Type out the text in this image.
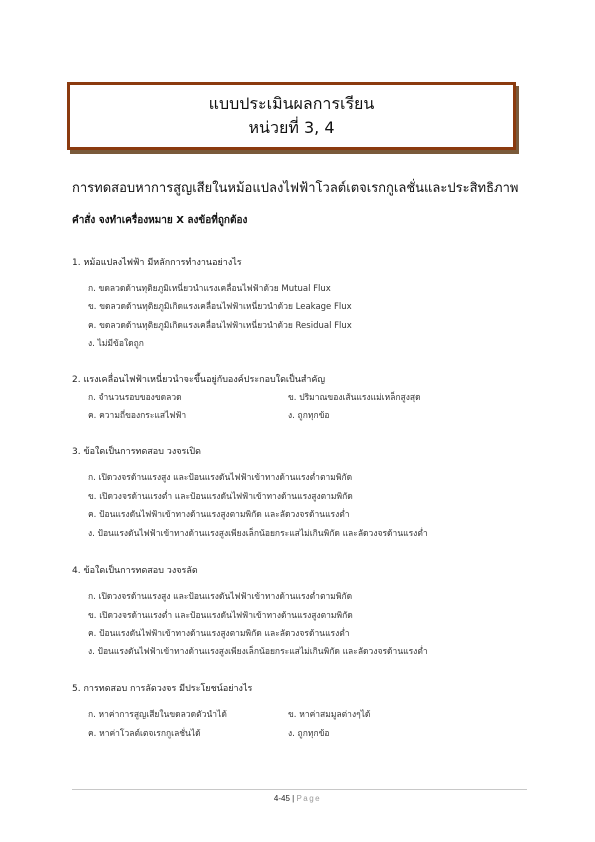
แบบประเมินผลการเรียน
หน่วยที่ 3, 4
การทดสอบหาการสูญเสียในหม้อแปลงไฟฟ้าโวลต์เตจเรกกูเลชั่นและประสิทธิภาพ
คำสั่ง จงทำเครื่องหมาย X ลงข้อที่ถูกต้อง
1. หม้อแปลงไฟฟ้า มีหลักการทำงานอย่างไร
ก. ขดลวดด้านทุติยภูมิเหนี่ยวนำแรงเคลื่อนไฟฟ้าด้วย Mutual Flux
ข. ขดลวดด้านทุติยภูมิเกิดแรงเคลื่อนไฟฟ้าเหนี่ยวนำด้วย Leakage Flux
ค. ขดลวดด้านทุติยภูมิเกิดแรงเคลื่อนไฟฟ้าเหนี่ยวนำด้วย Residual Flux
ง. ไม่มีข้อใดถูก
2. แรงเคลื่อนไฟฟ้าเหนี่ยวนำจะขึ้นอยู่กับองค์ประกอบใดเป็นสำคัญ
ก. จำนวนรอบของขดลวด	ข. ปริมาณของเส้นแรงแม่เหล็กสูงสุด
ค. ความถี่ของกระแสไฟฟ้า	ง. ถูกทุกข้อ
3. ข้อใดเป็นการทดสอบ วงจรเปิด
ก. เปิดวงจรด้านแรงสูง และป้อนแรงดันไฟฟ้าเข้าทางด้านแรงต่ำตามพิกัด
ข. เปิดวงจรด้านแรงต่ำ และป้อนแรงดันไฟฟ้าเข้าทางด้านแรงสูงตามพิกัด
ค. ป้อนแรงดันไฟฟ้าเข้าทางด้านแรงสูงตามพิกัด และลัดวงจรด้านแรงต่ำ
ง. ป้อนแรงดันไฟฟ้าเข้าทางด้านแรงสูงเพียงเล็กน้อยกระแสไม่เกินพิกัด และลัดวงจรด้านแรงต่ำ
4. ข้อใดเป็นการทดสอบ วงจรลัด
ก. เปิดวงจรด้านแรงสูง และป้อนแรงดันไฟฟ้าเข้าทางด้านแรงต่ำตามพิกัด
ข. เปิดวงจรด้านแรงต่ำ และป้อนแรงดันไฟฟ้าเข้าทางด้านแรงสูงตามพิกัด
ค. ป้อนแรงดันไฟฟ้าเข้าทางด้านแรงสูงตามพิกัด และลัดวงจรด้านแรงต่ำ
ง. ป้อนแรงดันไฟฟ้าเข้าทางด้านแรงสูงเพียงเล็กน้อยกระแสไม่เกินพิกัด และลัดวงจรด้านแรงต่ำ
5. การทดสอบ การลัดวงจร มีประโยชน์อย่างไร
ก. หาค่าการสูญเสียในขดลวดตัวนำได้	ข. หาค่าสมมูลต่างๆได้
ค. หาค่าโวลต์เตจเรกกูเลชั่นได้	ง. ถูกทุกข้อ
4-45 | Page
